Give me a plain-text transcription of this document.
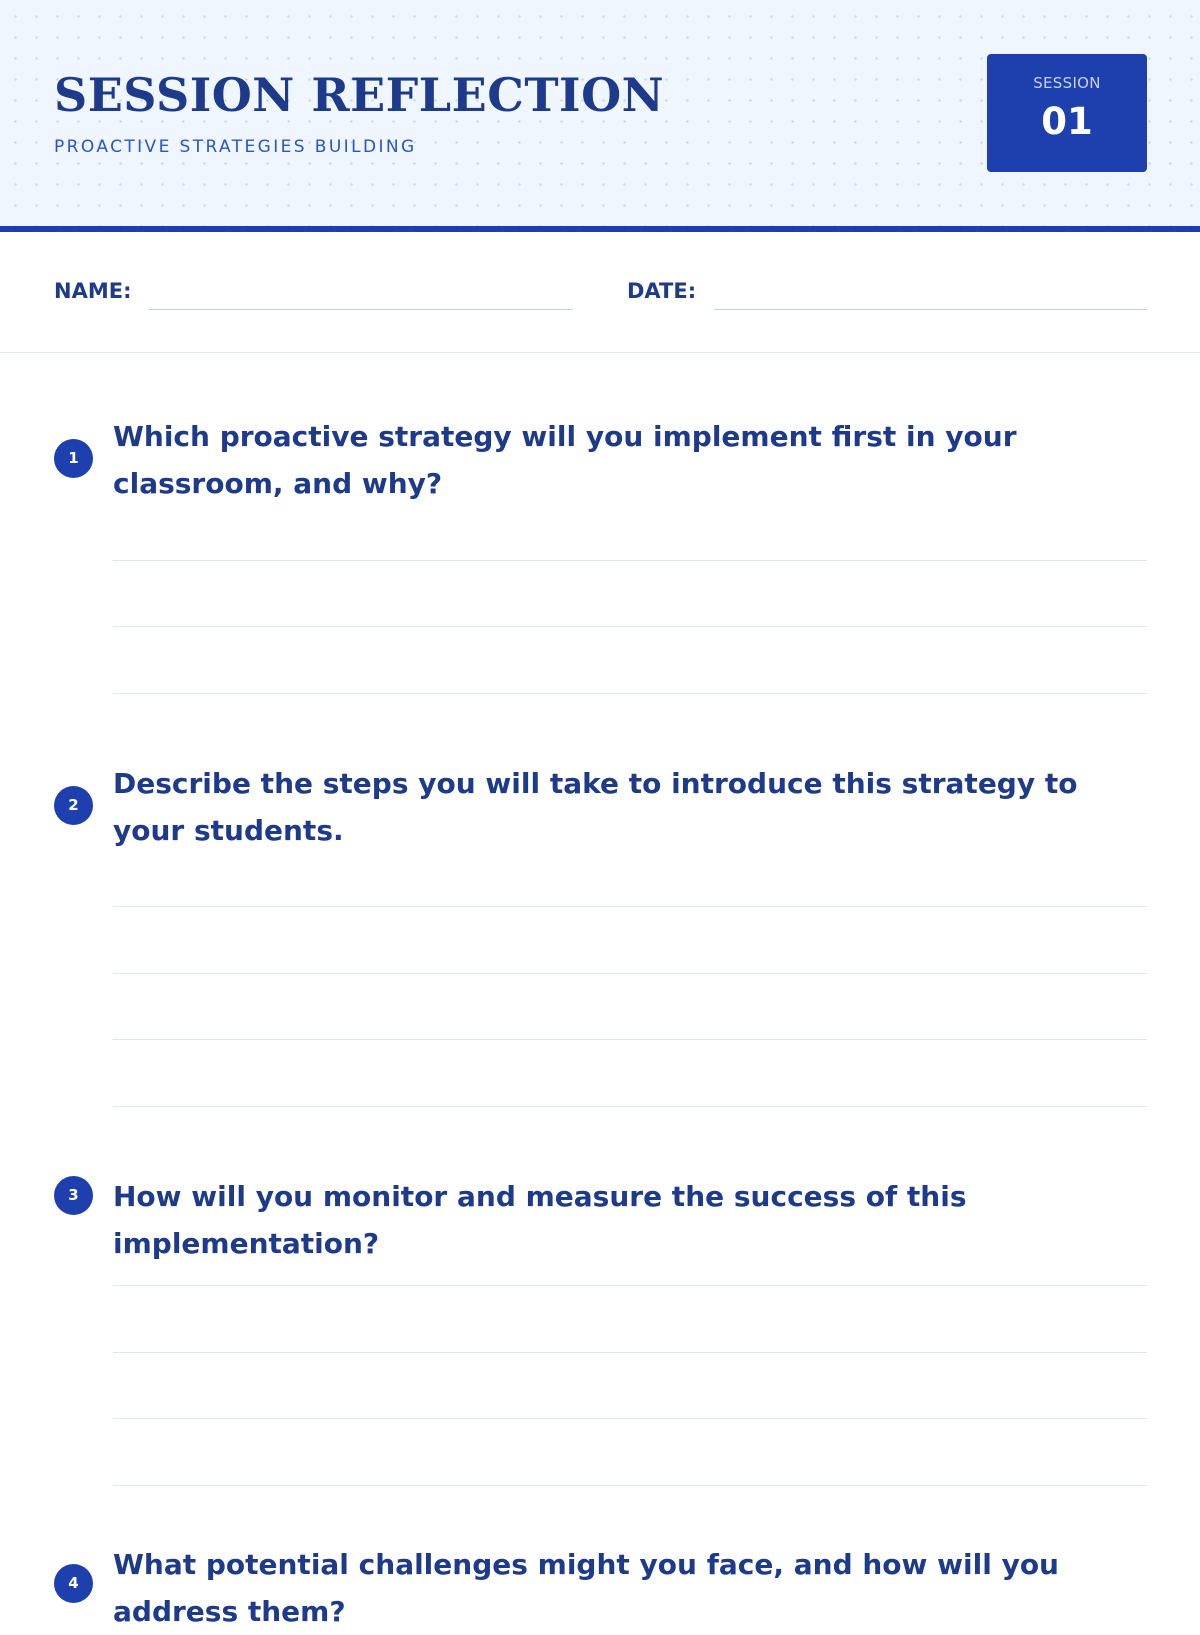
SESSION REFLECTION
PROACTIVE STRATEGIES BUILDING
SESSION
01
NAME:	DATE:
1
Which proactive strategy will you implement first in your classroom, and why?
2
Describe the steps you will take to introduce this strategy to your students.
3	How will you monitor and measure the success of this implementation?
4
What potential challenges might you face, and how will you address them?
